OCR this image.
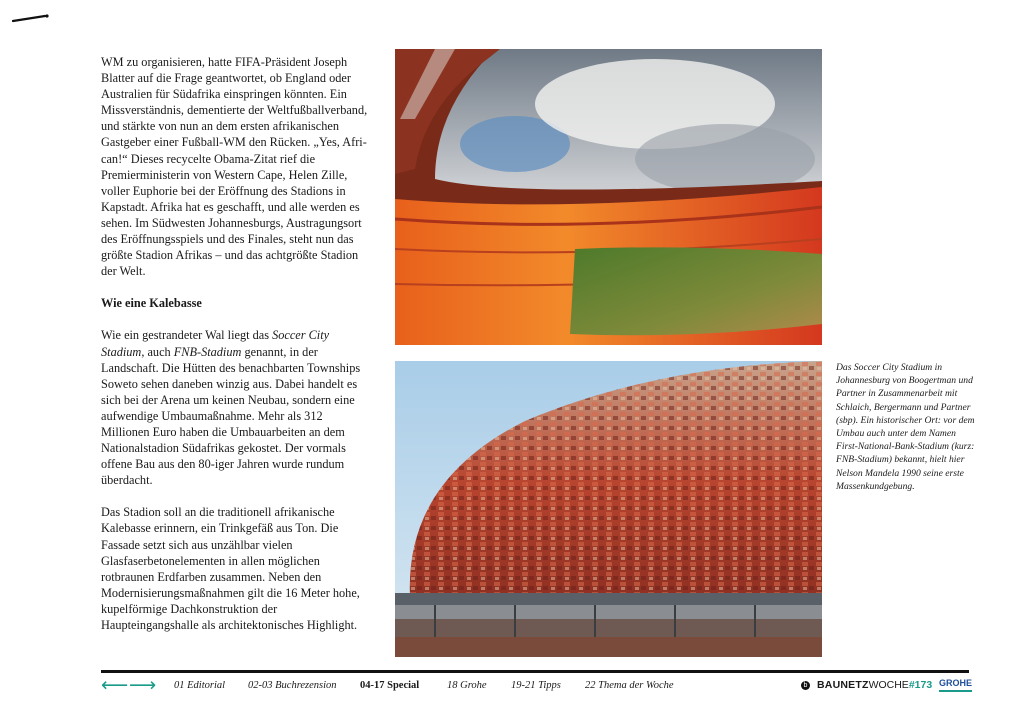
WM zu organisieren, hatte FIFA-Präsident Joseph Blatter auf die Frage geantwortet, ob England oder Australien für Südafrika einspringen könnten. Ein Missverständnis, dementierte der Weltfußballverband, und stärkte von nun an dem ersten afrikanischen Gastgeber einer Fußball-WM den Rücken. „Yes, Afri-can!“ Dieses recycelte Obama-Zitat rief die Premierministerin von Western Cape, Helen Zille, voller Euphorie bei der Eröffnung des Stadions in Kapstadt. Afrika hat es geschafft, und alle werden es sehen. Im Südwesten Johannesburgs, Austragungsort des Eröffnungsspiels und des Finales, steht nun das größte Stadion Afrikas – und das achtgrößte Stadion der Welt.

Wie eine Kalebasse

Wie ein gestrandeter Wal liegt das Soccer City Stadium, auch FNB-Stadium genannt, in der Landschaft. Die Hütten des benachbarten Townships Soweto sehen daneben winzig aus. Dabei handelt es sich bei der Arena um keinen Neubau, sondern eine aufwendige Umbaumaßnahme. Mehr als 312 Millionen Euro haben die Umbauarbeiten an dem Nationalstadion Südafrikas gekostet. Der vormals offene Bau aus den 80-iger Jahren wurde rundum überdacht.

Das Stadion soll an die traditionell afrikanische Kalebasse erinnern, ein Trinkgefäß aus Ton. Die Fassade setzt sich aus unzählbar vielen Glasfaserbetonelementen in allen möglichen rotbraunen Erdfarben zusammen. Neben den Modernisierungsmaßnahmen gilt die 16 Meter hohe, kupelförmige Dachkonstruktion der Haupteingangshalle als architektonisches Highlight.

Das Soccer City Stadium in Johannesburg von Boogertman und Partner in Zusammenarbeit mit Schlaich, Bergermann und Partner (sbp). Ein historischer Ort: vor dem Umbau auch unter dem Namen First-National-Bank-Stadium (kurz: FNB-Stadium) bekannt, hielt hier Nelson Mandela 1990 seine erste Massenkundgebung.
⟵ ⟶ 01 Editorial 02-03 Buchrezension 04-17 Special	18 Grohe 19-21 Tipps 22 Thema der Woche	b BAUNETZWOCHE#173 GROHE
